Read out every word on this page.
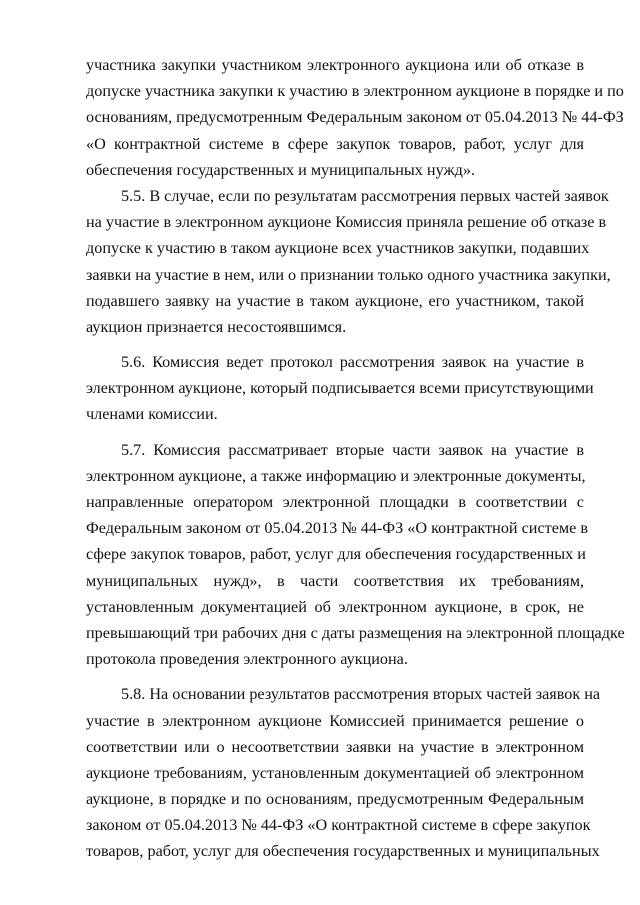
участника закупки участником электронного аукциона или об отказе в
допуске участника закупки к участию в электронном аукционе в порядке и по
основаниям, предусмотренным Федеральным законом от 05.04.2013 № 44-ФЗ
«О контрактной системе в сфере закупок товаров, работ, услуг для
обеспечения государственных и муниципальных нужд».
5.5. В случае, если по результатам рассмотрения первых частей заявок
на участие в электронном аукционе Комиссия приняла решение об отказе в
допуске к участию в таком аукционе всех участников закупки, подавших
заявки на участие в нем, или о признании только одного участника закупки,
подавшего заявку на участие в таком аукционе, его участником, такой
аукцион признается несостоявшимся.
5.6. Комиссия ведет протокол рассмотрения заявок на участие в
электронном аукционе, который подписывается всеми присутствующими
членами комиссии.
5.7. Комиссия рассматривает вторые части заявок на участие в
электронном аукционе, а также информацию и электронные документы,
направленные оператором электронной площадки в соответствии с
Федеральным законом от 05.04.2013 № 44-ФЗ «О контрактной системе в
сфере закупок товаров, работ, услуг для обеспечения государственных и
муниципальных нужд», в части соответствия их требованиям,
установленным документацией об электронном аукционе, в срок, не
превышающий три рабочих дня с даты размещения на электронной площадке
протокола проведения электронного аукциона.
5.8. На основании результатов рассмотрения вторых частей заявок на
участие в электронном аукционе Комиссией принимается решение о
соответствии или о несоответствии заявки на участие в электронном
аукционе требованиям, установленным документацией об электронном
аукционе, в порядке и по основаниям, предусмотренным Федеральным
законом от 05.04.2013 № 44-ФЗ «О контрактной системе в сфере закупок
товаров, работ, услуг для обеспечения государственных и муниципальных
